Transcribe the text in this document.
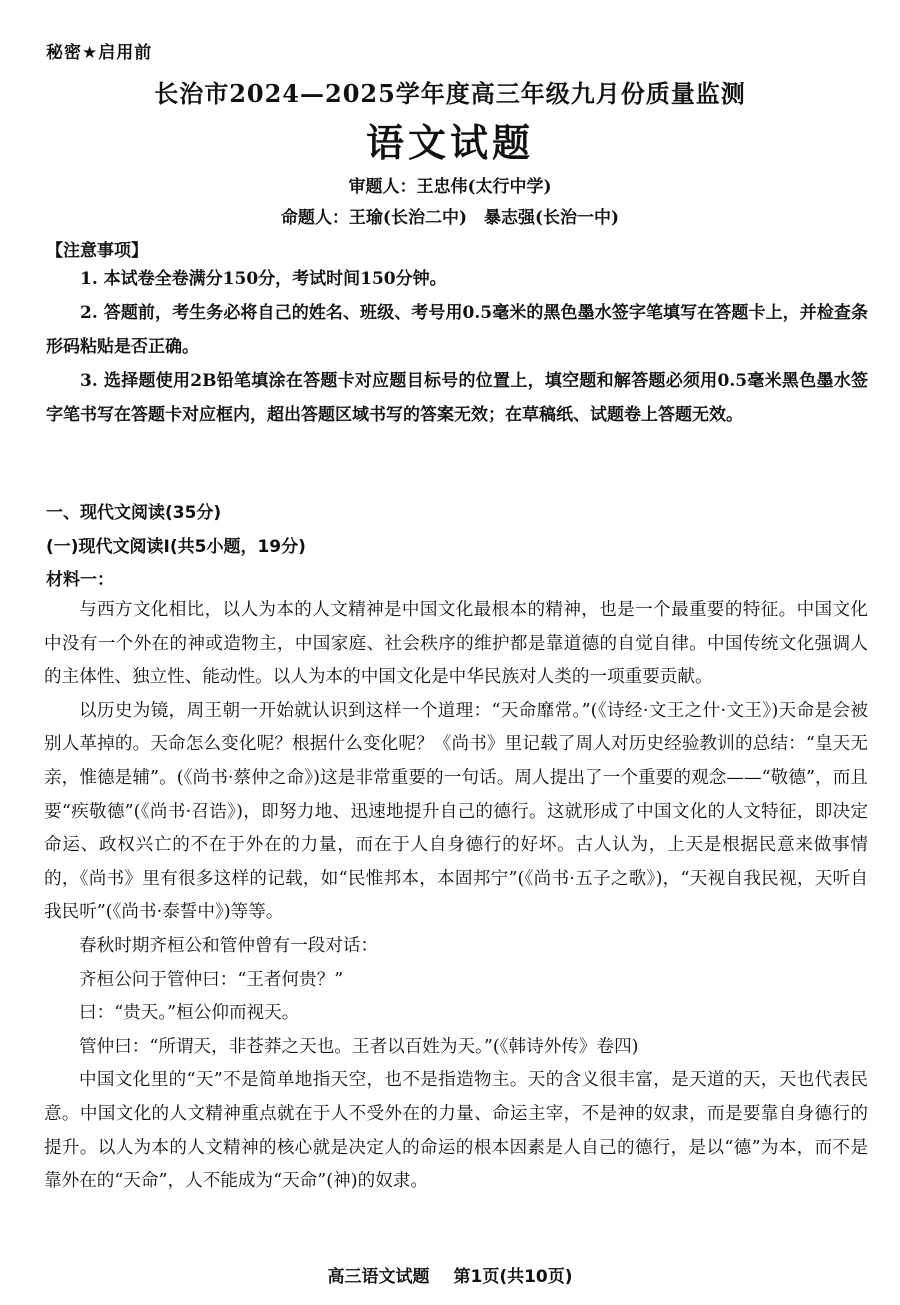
秘密★启用前
长治市2024—2025学年度高三年级九月份质量监测
语文试题
审题人：王忠伟(太行中学)
命题人：王瑜(长治二中)　暴志强(长治一中)
【注意事项】
1. 本试卷全卷满分150分，考试时间150分钟。
2. 答题前，考生务必将自己的姓名、班级、考号用0.5毫米的黑色墨水签字笔填写在答题卡上，并检查条形码粘贴是否正确。
3. 选择题使用2B铅笔填涂在答题卡对应题目标号的位置上，填空题和解答题必须用0.5毫米黑色墨水签字笔书写在答题卡对应框内，超出答题区域书写的答案无效；在草稿纸、试题卷上答题无效。
一、现代文阅读(35分)
(一)现代文阅读Ⅰ(共5小题，19分)
材料一：

与西方文化相比，以人为本的人文精神是中国文化最根本的精神，也是一个最重要的特征。中国文化中没有一个外在的神或造物主，中国家庭、社会秩序的维护都是靠道德的自觉自律。中国传统文化强调人的主体性、独立性、能动性。以人为本的中国文化是中华民族对人类的一项重要贡献。

以历史为镜，周王朝一开始就认识到这样一个道理：“天命靡常。”(《诗经·文王之什·文王》)天命是会被别人革掉的。天命怎么变化呢？根据什么变化呢？《尚书》里记载了周人对历史经验教训的总结：“皇天无亲，惟德是辅”。(《尚书·蔡仲之命》)这是非常重要的一句话。周人提出了一个重要的观念——“敬德”，而且要“疾敬德”(《尚书·召诰》)，即努力地、迅速地提升自己的德行。这就形成了中国文化的人文特征，即决定命运、政权兴亡的不在于外在的力量，而在于人自身德行的好坏。古人认为，上天是根据民意来做事情的，《尚书》里有很多这样的记载，如“民惟邦本，本固邦宁”(《尚书·五子之歌》)，“天视自我民视，天听自我民听”(《尚书·泰誓中》)等等。

春秋时期齐桓公和管仲曾有一段对话：

齐桓公问于管仲曰：“王者何贵？”

曰：“贵天。”桓公仰而视天。

管仲曰：“所谓天，非苍莽之天也。王者以百姓为天。”(《韩诗外传》卷四)

中国文化里的“天”不是简单地指天空，也不是指造物主。天的含义很丰富，是天道的天，天也代表民意。中国文化的人文精神重点就在于人不受外在的力量、命运主宰，不是神的奴隶，而是要靠自身德行的提升。以人为本的人文精神的核心就是决定人的命运的根本因素是人自己的德行，是以“德”为本，而不是靠外在的“天命”，人不能成为“天命”(神)的奴隶。

高三语文试题 第1页(共10页)
